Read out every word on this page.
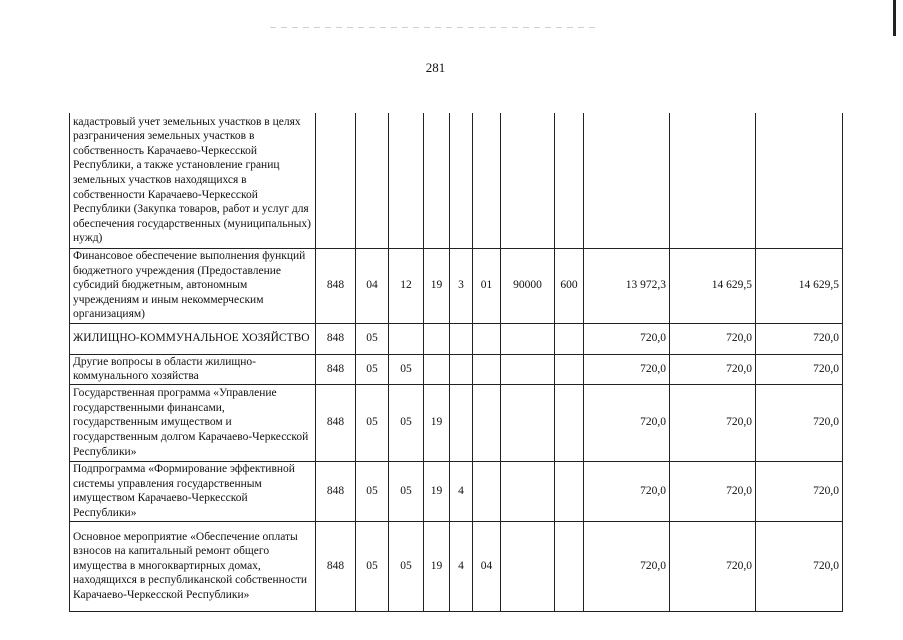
281
кадастровый учет земельных участков в целях разграничения земельных участков в собственность Карачаево-Черкесской Республики, а также установление границ земельных участков находящихся в собственности Карачаево-Черкесской Республики (Закупка товаров, работ и услуг для обеспечения государственных (муниципальных) нужд)											
Финансовое обеспечение выполнения функций бюджетного учреждения (Предоставление субсидий бюджетным, автономным учреждениям и иным некоммерческим организациям)	848	04	12	19	3	01	90000	600	13 972,3	14 629,5	14 629,5
ЖИЛИЩНО-КОММУНАЛЬНОЕ ХОЗЯЙСТВО	848	05							720,0	720,0	720,0
Другие вопросы в области жилищно-коммунального хозяйства	848	05	05						720,0	720,0	720,0
Государственная программа «Управление государственными финансами, государственным имуществом и государственным долгом Карачаево-Черкесской Республики»	848	05	05	19					720,0	720,0	720,0
Подпрограмма «Формирование эффективной системы управления государственным имуществом Карачаево-Черкесской Республики»	848	05	05	19	4				720,0	720,0	720,0
Основное мероприятие «Обеспечение оплаты взносов на капитальный ремонт общего имущества в многоквартирных домах, находящихся в республиканской собственности Карачаево-Черкесской Республики»	848	05	05	19	4	04			720,0	720,0	720,0
